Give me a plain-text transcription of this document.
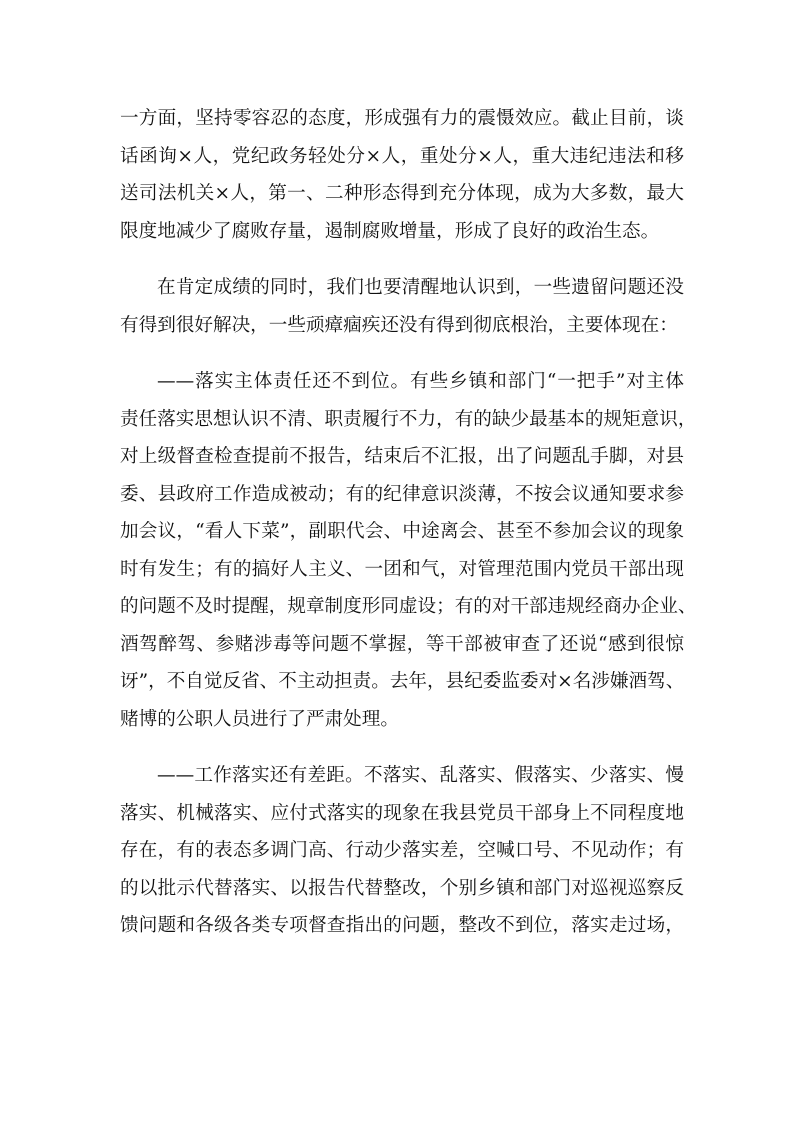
一方面，坚持零容忍的态度，形成强有力的震慑效应。截止目前，谈
话函询×人，党纪政务轻处分×人，重处分×人，重大违纪违法和移
送司法机关×人，第一、二种形态得到充分体现，成为大多数，最大
限度地减少了腐败存量，遏制腐败增量，形成了良好的政治生态。
在肯定成绩的同时，我们也要清醒地认识到，一些遗留问题还没
有得到很好解决，一些顽瘴痼疾还没有得到彻底根治，主要体现在：
——落实主体责任还不到位。有些乡镇和部门“一把手”对主体
责任落实思想认识不清、职责履行不力，有的缺少最基本的规矩意识，
对上级督查检查提前不报告，结束后不汇报，出了问题乱手脚，对县
委、县政府工作造成被动；有的纪律意识淡薄，不按会议通知要求参
加会议，“看人下菜”，副职代会、中途离会、甚至不参加会议的现象
时有发生；有的搞好人主义、一团和气，对管理范围内党员干部出现
的问题不及时提醒，规章制度形同虚设；有的对干部违规经商办企业、
酒驾醉驾、参赌涉毒等问题不掌握，等干部被审查了还说“感到很惊
讶”，不自觉反省、不主动担责。去年，县纪委监委对×名涉嫌酒驾、
赌博的公职人员进行了严肃处理。
——工作落实还有差距。不落实、乱落实、假落实、少落实、慢
落实、机械落实、应付式落实的现象在我县党员干部身上不同程度地
存在，有的表态多调门高、行动少落实差，空喊口号、不见动作；有
的以批示代替落实、以报告代替整改，个别乡镇和部门对巡视巡察反
馈问题和各级各类专项督查指出的问题，整改不到位，落实走过场，
